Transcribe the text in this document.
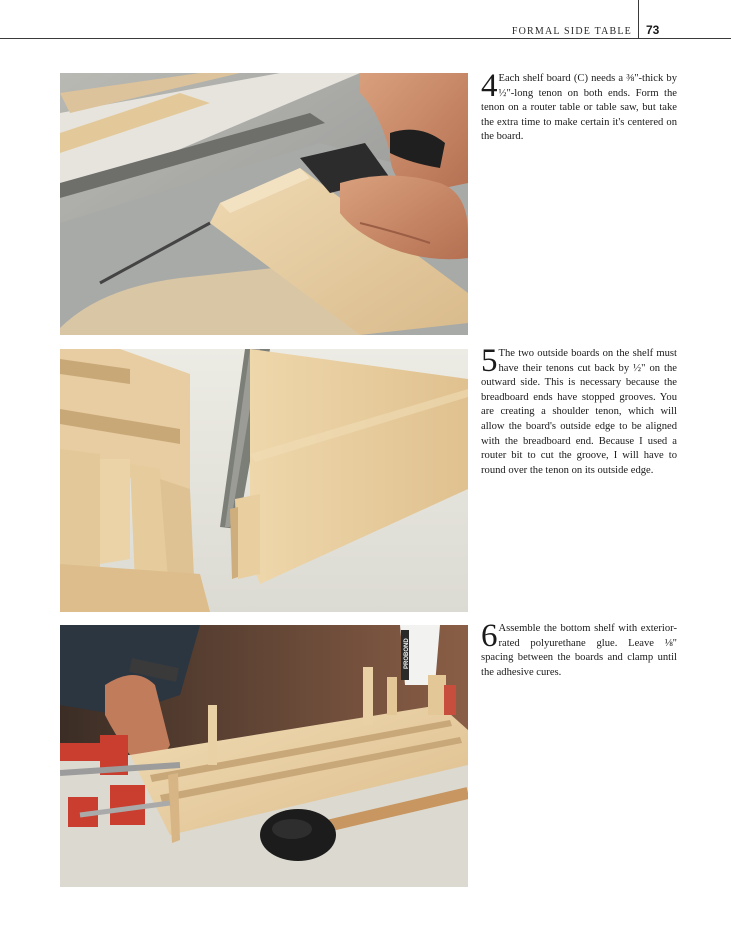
FORMAL SIDE TABLE 73
4 Each shelf board (C) needs a ⅜"-thick by ½"-long tenon on both ends. Form the tenon on a router table or table saw, but take the extra time to make certain it's centered on the board.
5 The two outside boards on the shelf must have their tenons cut back by ½" on the outward side. This is necessary because the breadboard ends have stopped grooves. You are creating a shoulder tenon, which will allow the board's outside edge to be aligned with the breadboard end. Because I used a router bit to cut the groove, I will have to round over the tenon on its outside edge.
PROBOND 6 Assemble the bottom shelf with exterior-rated polyurethane glue. Leave ⅛" spacing between the boards and clamp until the adhesive cures.
